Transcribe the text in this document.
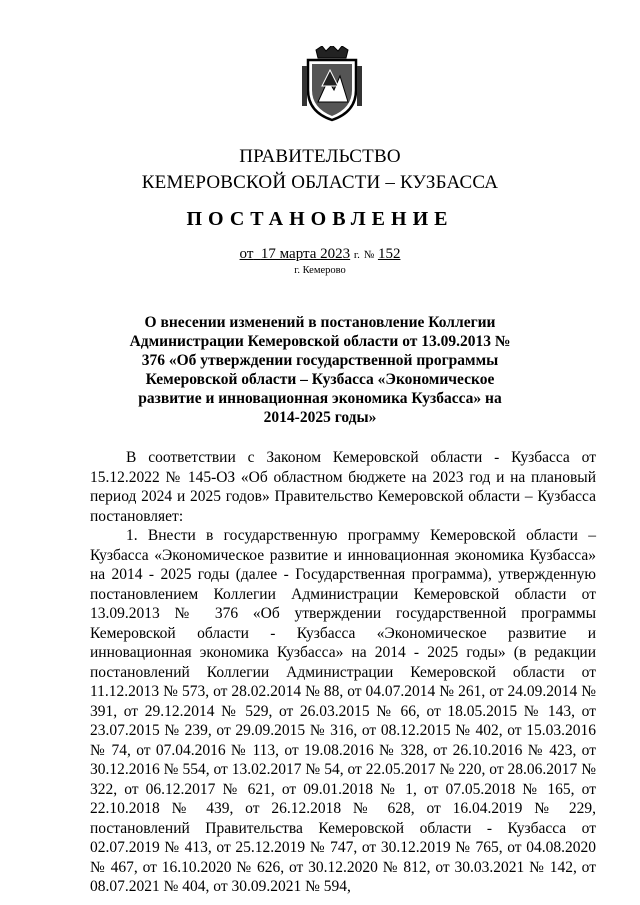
ПРАВИТЕЛЬСТВО
КЕМЕРОВСКОЙ ОБЛАСТИ – КУЗБАССА
ПОСТАНОВЛЕНИЕ
от 17 марта 2023 г. № 152
г. Кемерово
О внесении изменений в постановление Коллегии Администрации Кемеровской области от 13.09.2013 № 376 «Об утверждении государственной программы Кемеровской области – Кузбасса «Экономическое развитие и инновационная экономика Кузбасса» на 2014-2025 годы»

В соответствии с Законом Кемеровской области - Кузбасса от 15.12.2022 № 145-ОЗ «Об областном бюджете на 2023 год и на плановый период 2024 и 2025 годов» Правительство Кемеровской области – Кузбасса постановляет:

1. Внести в государственную программу Кемеровской области – Кузбасса «Экономическое развитие и инновационная экономика Кузбасса» на 2014 - 2025 годы (далее - Государственная программа), утвержденную постановлением Коллегии Администрации Кемеровской области от 13.09.2013 № 376 «Об утверждении государственной программы Кемеровской области - Кузбасса «Экономическое развитие и инновационная экономика Кузбасса» на 2014 - 2025 годы» (в редакции постановлений Коллегии Администрации Кемеровской области от 11.12.2013 № 573, от 28.02.2014 № 88, от 04.07.2014 № 261, от 24.09.2014 № 391, от 29.12.2014 № 529, от 26.03.2015 № 66, от 18.05.2015 № 143, от 23.07.2015 № 239, от 29.09.2015 № 316, от 08.12.2015 № 402, от 15.03.2016 № 74, от 07.04.2016 № 113, от 19.08.2016 № 328, от 26.10.2016 № 423, от 30.12.2016 № 554, от 13.02.2017 № 54, от 22.05.2017 № 220, от 28.06.2017 № 322, от 06.12.2017 № 621, от 09.01.2018 № 1, от 07.05.2018 № 165, от 22.10.2018 № 439, от 26.12.2018 № 628, от 16.04.2019 № 229, постановлений Правительства Кемеровской области - Кузбасса от 02.07.2019 № 413, от 25.12.2019 № 747, от 30.12.2019 № 765, от 04.08.2020 № 467, от 16.10.2020 № 626, от 30.12.2020 № 812, от 30.03.2021 № 142, от 08.07.2021 № 404, от 30.09.2021 № 594,
